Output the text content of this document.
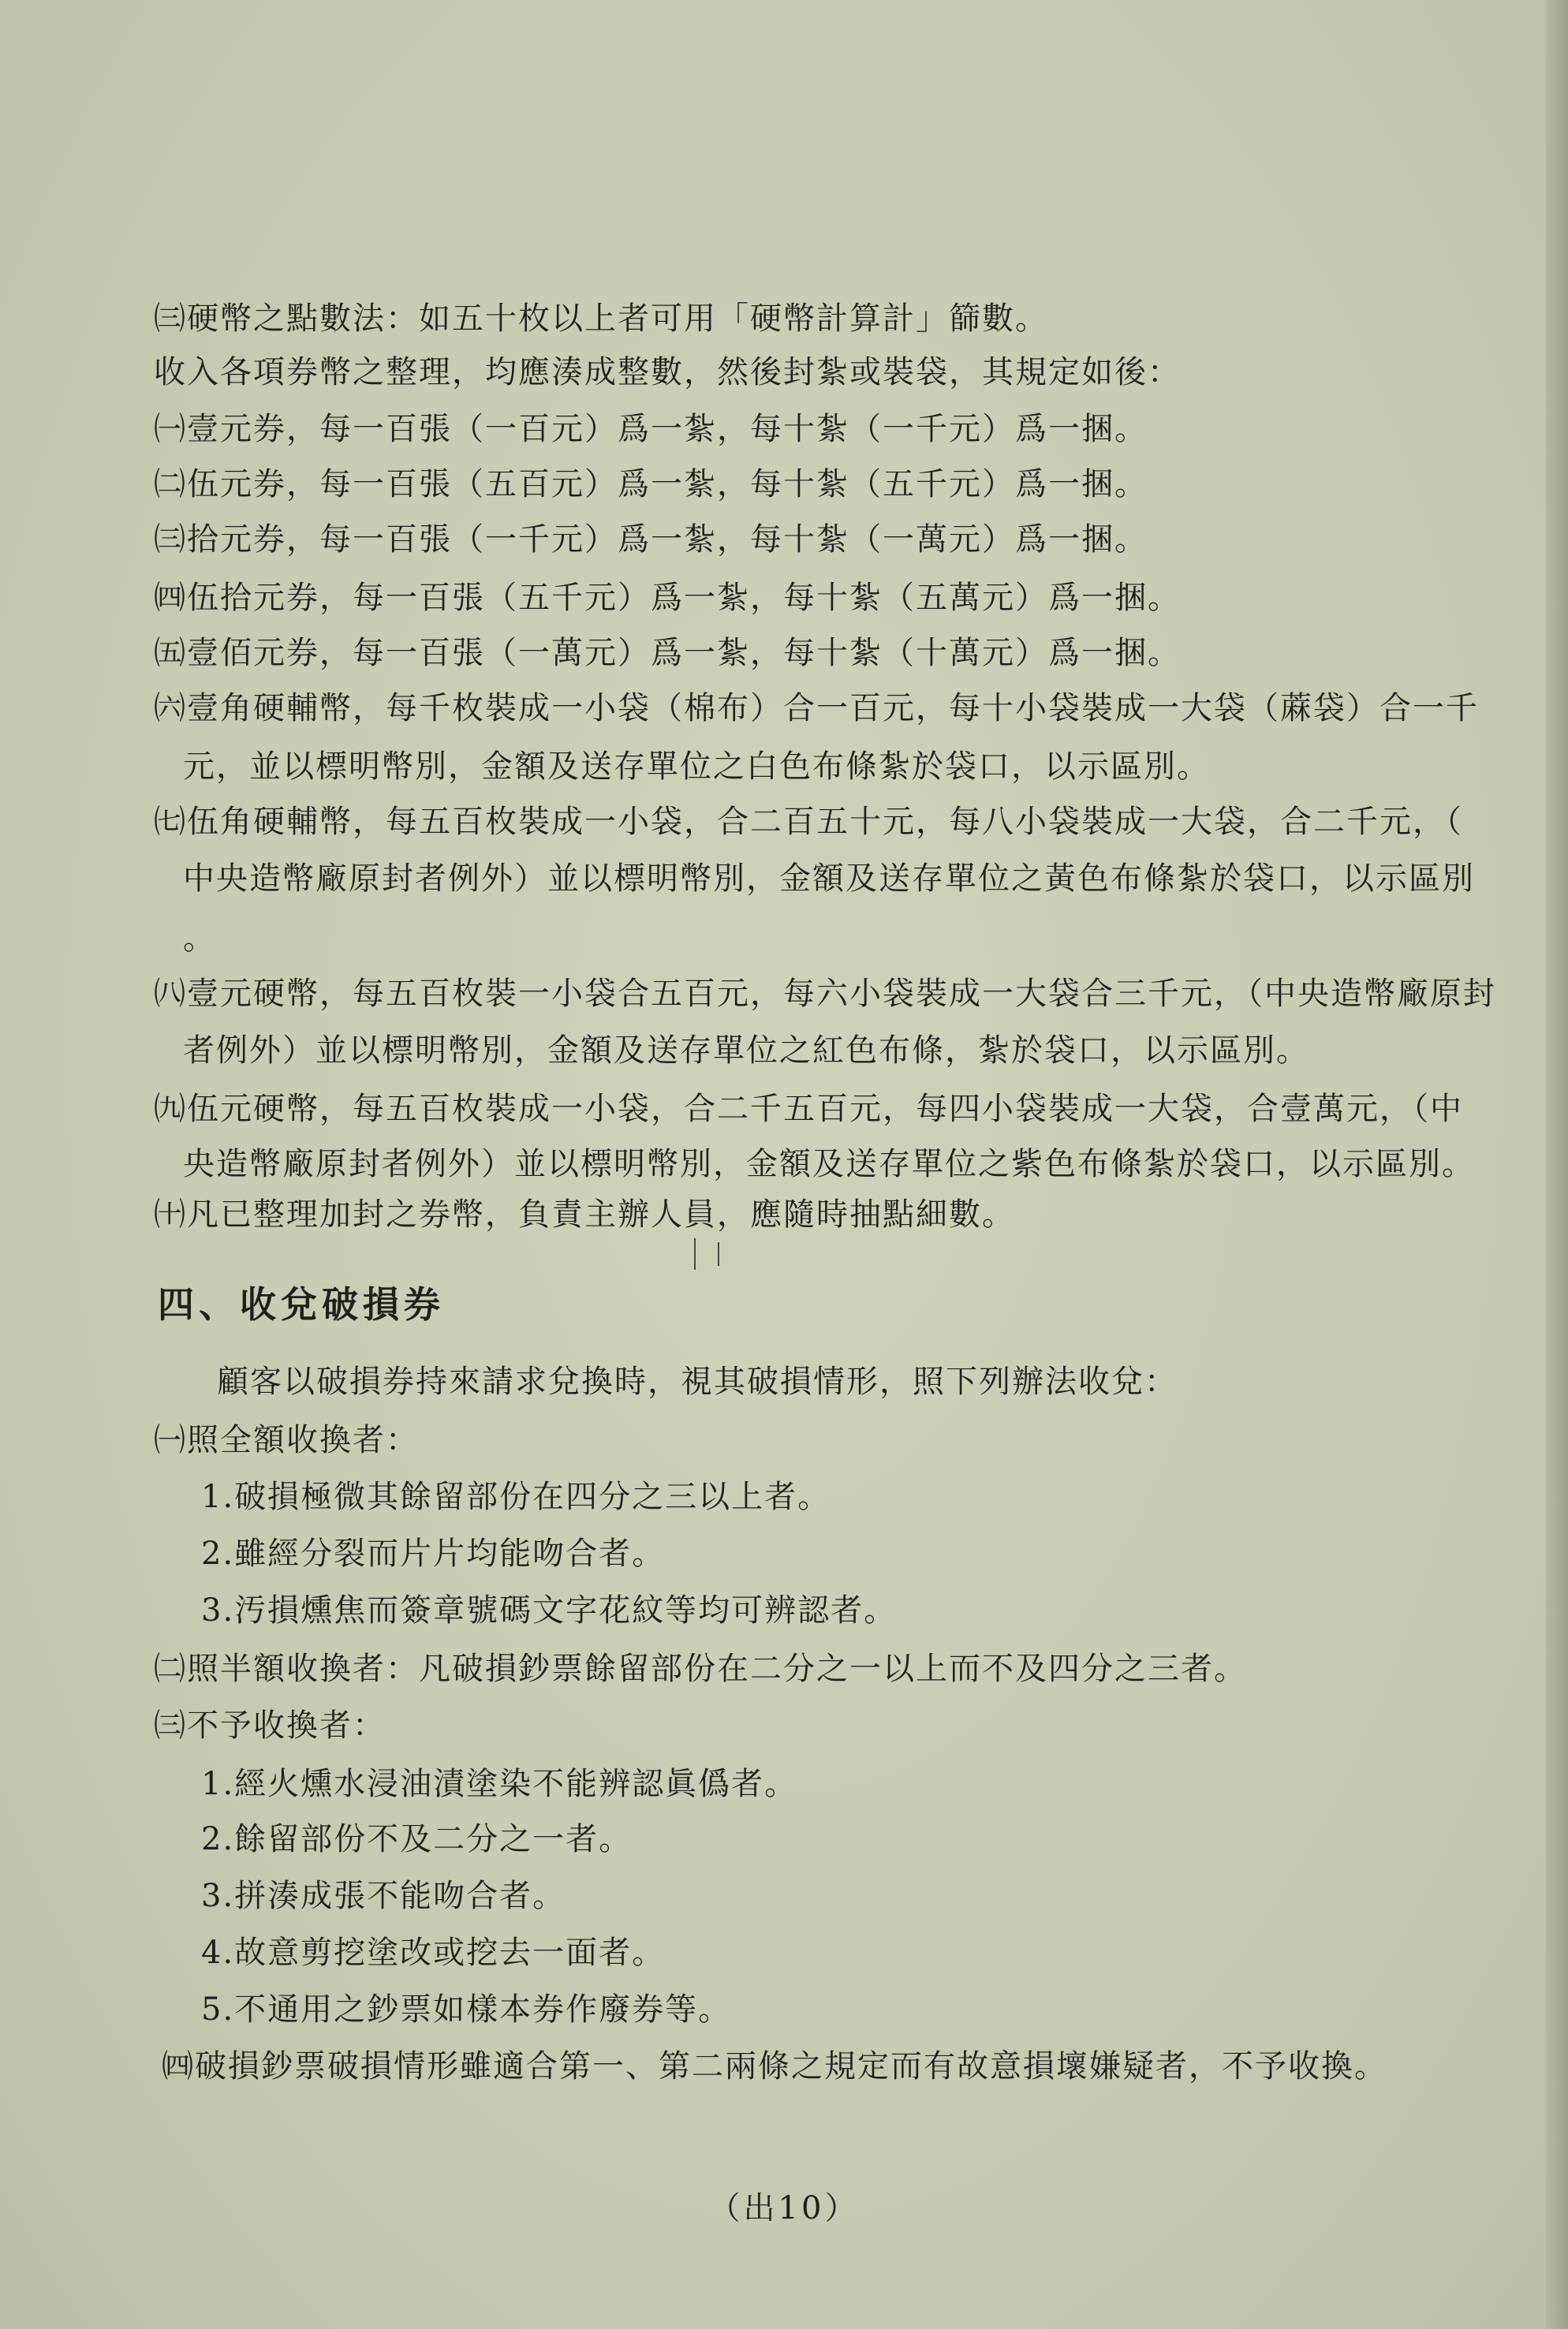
㈢硬幣之點數法：如五十枚以上者可用「硬幣計算計」篩數。
收入各項券幣之整理，均應湊成整數，然後封紮或裝袋，其規定如後：
㈠壹元券，每一百張（一百元）爲一紮，每十紮（一千元）爲一捆。
㈡伍元券，每一百張（五百元）爲一紮，每十紮（五千元）爲一捆。
㈢拾元券，每一百張（一千元）爲一紮，每十紮（一萬元）爲一捆。
㈣伍拾元券，每一百張（五千元）爲一紮，每十紮（五萬元）爲一捆。
㈤壹佰元券，每一百張（一萬元）爲一紮，每十紮（十萬元）爲一捆。
㈥壹角硬輔幣，每千枚裝成一小袋（棉布）合一百元，每十小袋裝成一大袋（蔴袋）合一千
元，並以標明幣別，金額及送存單位之白色布條紮於袋口，以示區別。
㈦伍角硬輔幣，每五百枚裝成一小袋，合二百五十元，每八小袋裝成一大袋，合二千元，（
中央造幣廠原封者例外）並以標明幣別，金額及送存單位之黃色布條紮於袋口，以示區別
。
㈧壹元硬幣，每五百枚裝一小袋合五百元，每六小袋裝成一大袋合三千元，（中央造幣廠原封
者例外）並以標明幣別，金額及送存單位之紅色布條，紮於袋口，以示區別。
㈨伍元硬幣，每五百枚裝成一小袋，合二千五百元，每四小袋裝成一大袋，合壹萬元，（中
央造幣廠原封者例外）並以標明幣別，金額及送存單位之紫色布條紮於袋口，以示區別。
㈩凡已整理加封之券幣，負責主辦人員，應隨時抽點細數。
四、收兌破損券
顧客以破損券持來請求兌換時，視其破損情形，照下列辦法收兌：
㈠照全額收換者：
1.破損極微其餘留部份在四分之三以上者。
2.雖經分裂而片片均能吻合者。
3.汚損燻焦而簽章號碼文字花紋等均可辨認者。
㈡照半額收換者：凡破損鈔票餘留部份在二分之一以上而不及四分之三者。
㈢不予收換者：
1.經火燻水浸油漬塗染不能辨認眞僞者。
2.餘留部份不及二分之一者。
3.拼湊成張不能吻合者。
4.故意剪挖塗改或挖去一面者。
5.不通用之鈔票如樣本券作廢券等。
㈣破損鈔票破損情形雖適合第一、第二兩條之規定而有故意損壞嫌疑者，不予收換。
（出10）
